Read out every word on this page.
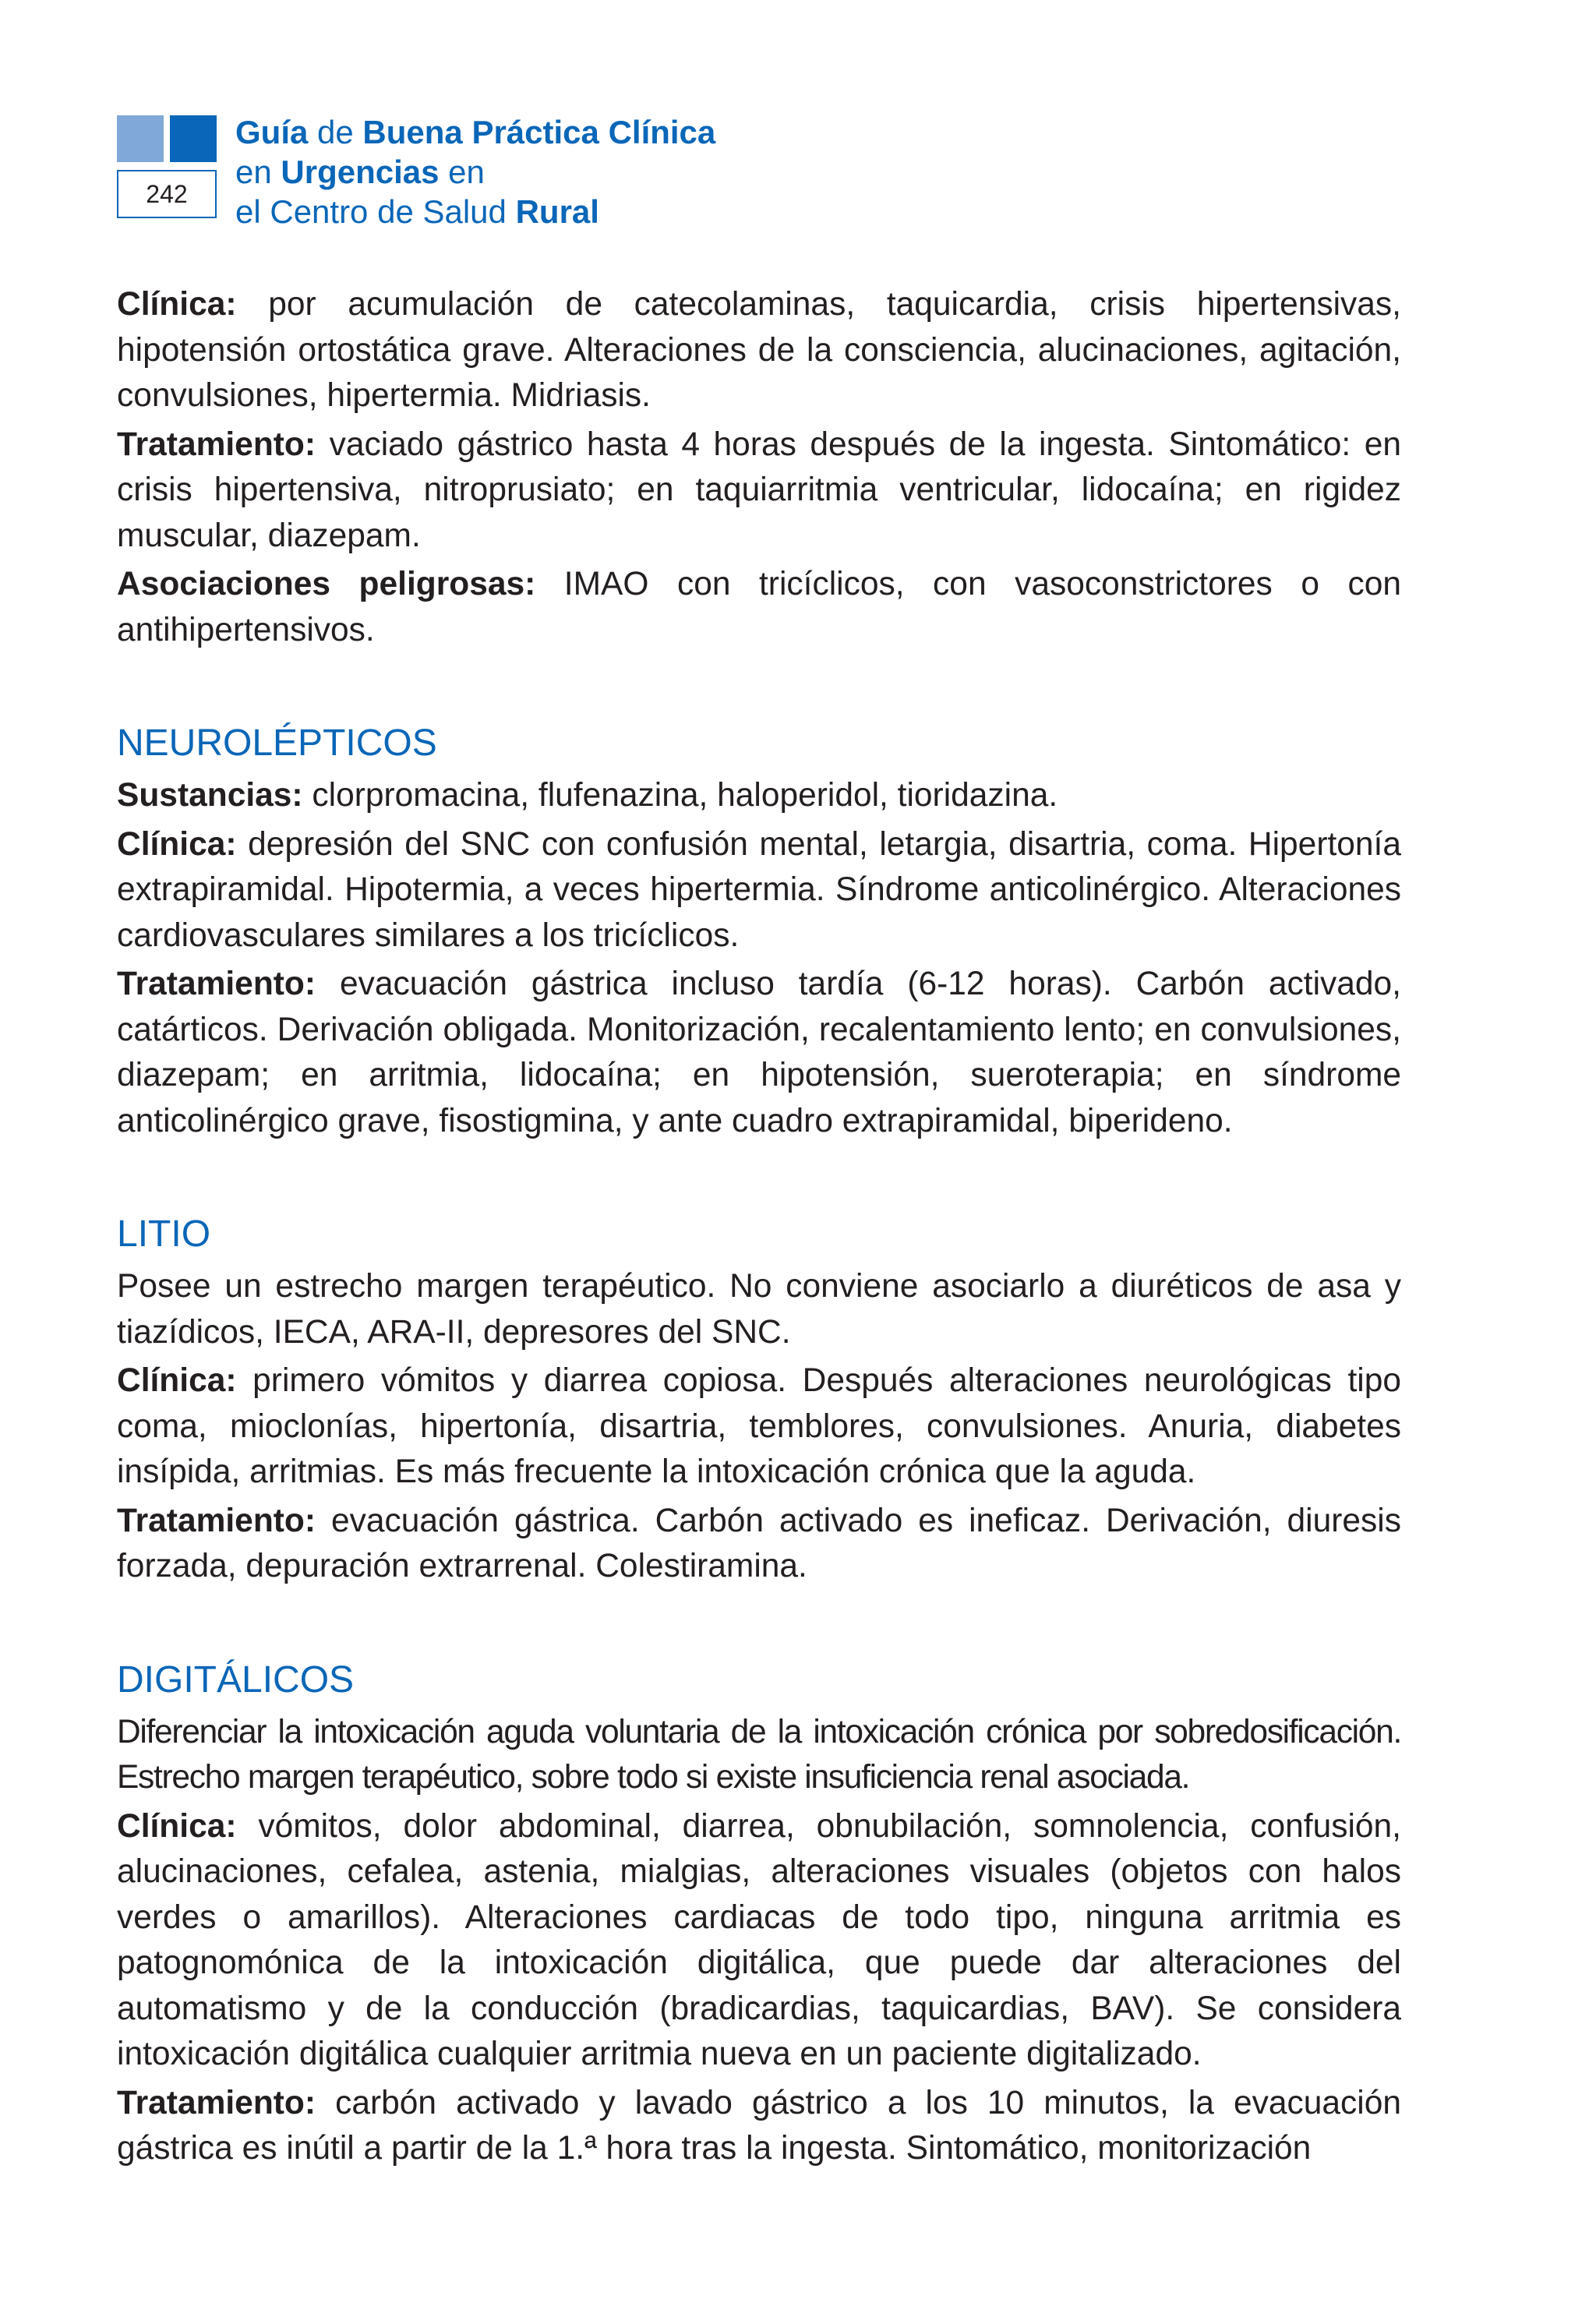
242
Guía de Buena Práctica Clínica
en Urgencias en
el Centro de Salud Rural

Clínica: por acumulación de catecolaminas, taquicardia, crisis hipertensivas, hipotensión ortostática grave. Alteraciones de la consciencia, alucinaciones, agitación, convulsiones, hipertermia. Midriasis.

Tratamiento: vaciado gástrico hasta 4 horas después de la ingesta. Sintomático: en crisis hipertensiva, nitroprusiato; en taquiarritmia ventricular, lidocaína; en rigidez muscular, diazepam.

Asociaciones peligrosas: IMAO con tricíclicos, con vasoconstrictores o con antihipertensivos.

NEUROLÉPTICOS

Sustancias: clorpromacina, flufenazina, haloperidol, tioridazina.

Clínica: depresión del SNC con confusión mental, letargia, disartria, coma. Hipertonía extrapiramidal. Hipotermia, a veces hipertermia. Síndrome anticolinérgico. Alteraciones cardiovasculares similares a los tricíclicos.

Tratamiento: evacuación gástrica incluso tardía (6-12 horas). Carbón activado, catárticos. Derivación obligada. Monitorización, recalentamiento lento; en convulsiones, diazepam; en arritmia, lidocaína; en hipotensión, sueroterapia; en síndrome anticolinérgico grave, fisostigmina, y ante cuadro extrapiramidal, biperideno.

LITIO

Posee un estrecho margen terapéutico. No conviene asociarlo a diuréticos de asa y tiazídicos, IECA, ARA-II, depresores del SNC.

Clínica: primero vómitos y diarrea copiosa. Después alteraciones neurológicas tipo coma, mioclonías, hipertonía, disartria, temblores, convulsiones. Anuria, diabetes insípida, arritmias. Es más frecuente la intoxicación crónica que la aguda.

Tratamiento: evacuación gástrica. Carbón activado es ineficaz. Derivación, diuresis forzada, depuración extrarrenal. Colestiramina.

DIGITÁLICOS

Diferenciar la intoxicación aguda voluntaria de la intoxicación crónica por sobredosificación. Estrecho margen terapéutico, sobre todo si existe insuficiencia renal asociada.

Clínica: vómitos, dolor abdominal, diarrea, obnubilación, somnolencia, confusión, alucinaciones, cefalea, astenia, mialgias, alteraciones visuales (objetos con halos verdes o amarillos). Alteraciones cardiacas de todo tipo, ninguna arritmia es patognomónica de la intoxicación digitálica, que puede dar alteraciones del automatismo y de la conducción (bradicardias, taquicardias, BAV). Se considera intoxicación digitálica cualquier arritmia nueva en un paciente digitalizado.

Tratamiento: carbón activado y lavado gástrico a los 10 minutos, la evacuación gástrica es inútil a partir de la 1.ª hora tras la ingesta. Sintomático, monitorización
